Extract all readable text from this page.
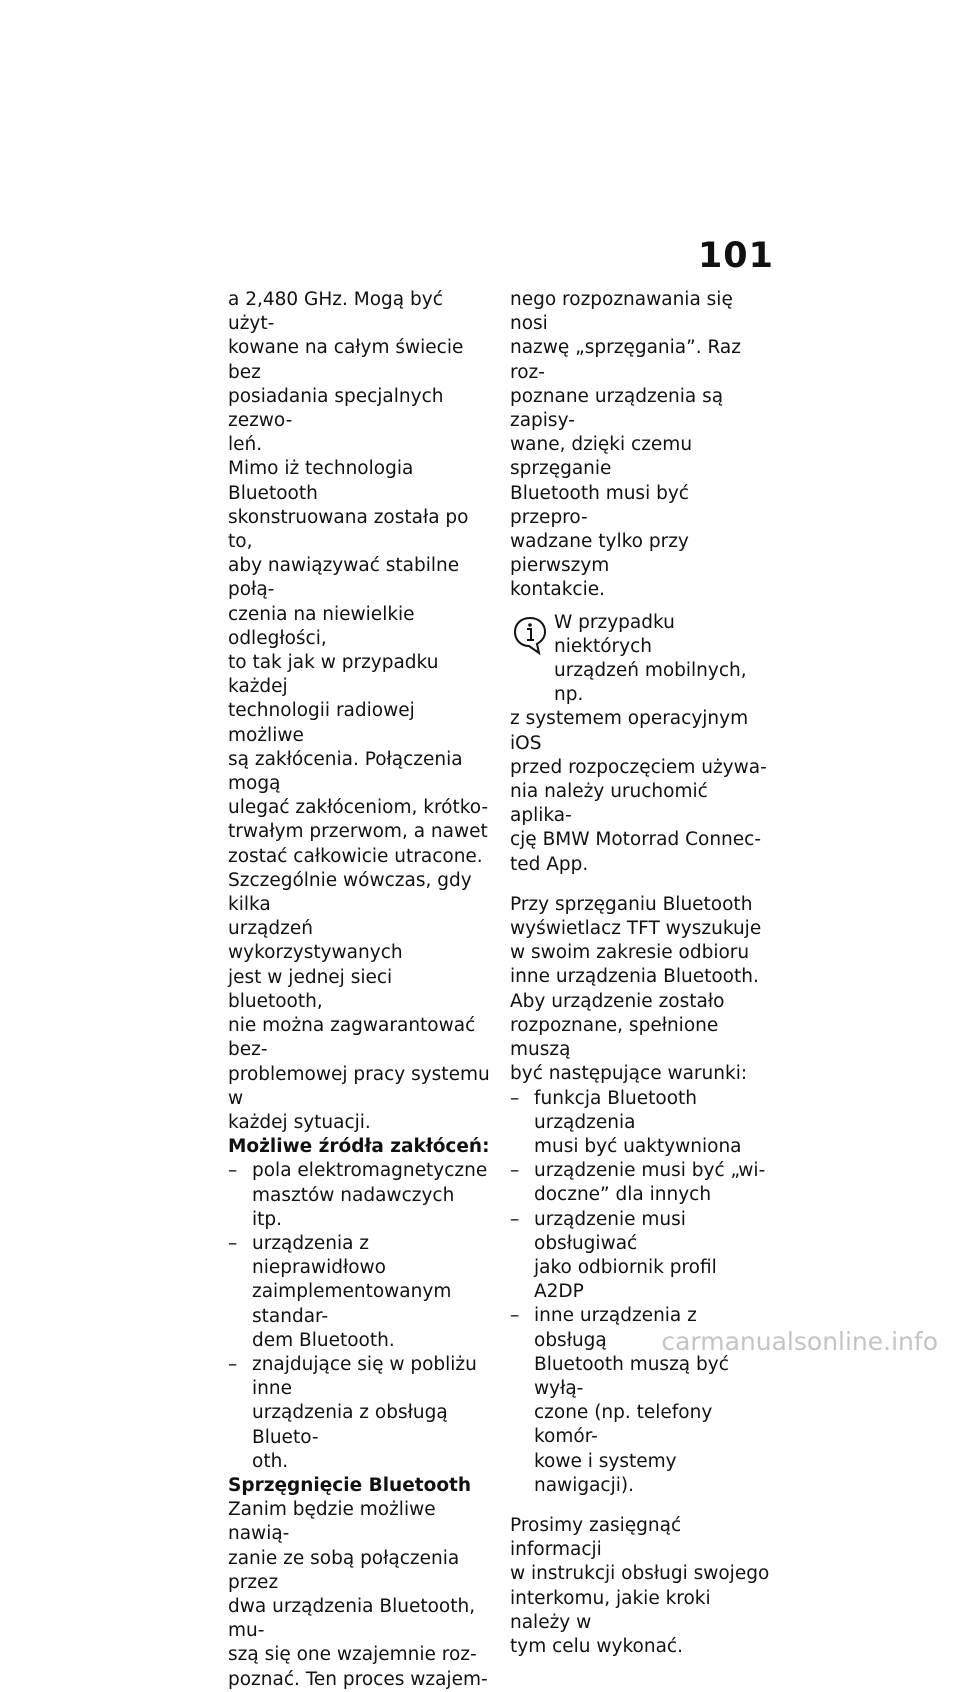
101

a 2,480 GHz. Mogą być użyt-
kowane na całym świecie bez
posiadania specjalnych zezwo-
leń.

Mimo iż technologia Bluetooth
skonstruowana została po to,
aby nawiązywać stabilne połą-
czenia na niewielkie odległości,
to tak jak w przypadku każdej
technologii radiowej możliwe
są zakłócenia. Połączenia mogą
ulegać zakłóceniom, krótko-
trwałym przerwom, a nawet
zostać całkowicie utracone.
Szczególnie wówczas, gdy kilka
urządzeń wykorzystywanych
jest w jednej sieci bluetooth,
nie można zagwarantować bez-
problemowej pracy systemu w
każdej sytuacji.

Możliwe źródła zakłóceń:

– pola elektromagnetyczne
masztów nadawczych itp.
– urządzenia z nieprawidłowo
zaimplementowanym standar-
dem Bluetooth.
– znajdujące się w pobliżu inne
urządzenia z obsługą Blueto-
oth.

Sprzęgnięcie Bluetooth

Zanim będzie możliwe nawią-
zanie ze sobą połączenia przez
dwa urządzenia Bluetooth, mu-
szą się one wzajemnie roz-
poznać. Ten proces wzajem-

nego rozpoznawania się nosi
nazwę „sprzęgania”. Raz roz-
poznane urządzenia są zapisy-
wane, dzięki czemu sprzęganie
Bluetooth musi być przepro-
wadzane tylko przy pierwszym
kontakcie.

W przypadku niektórych

urządzeń mobilnych, np.

z systemem operacyjnym iOS
przed rozpoczęciem używa-
nia należy uruchomić aplika-
cję BMW Motorrad Connec-
ted App.

Przy sprzęganiu Bluetooth
wyświetlacz TFT wyszukuje
w swoim zakresie odbioru
inne urządzenia Bluetooth.
Aby urządzenie zostało
rozpoznane, spełnione muszą
być następujące warunki:

– funkcja Bluetooth urządzenia
musi być uaktywniona
– urządzenie musi być „wi-
doczne” dla innych
– urządzenie musi obsługiwać
jako odbiornik profil A2DP
– inne urządzenia z obsługą
Bluetooth muszą być wyłą-
czone (np. telefony komór-
kowe i systemy nawigacji).

Prosimy zasięgnąć informacji
w instrukcji obsługi swojego
interkomu, jakie kroki należy w
tym celu wykonać.

carmanualsonline.info
